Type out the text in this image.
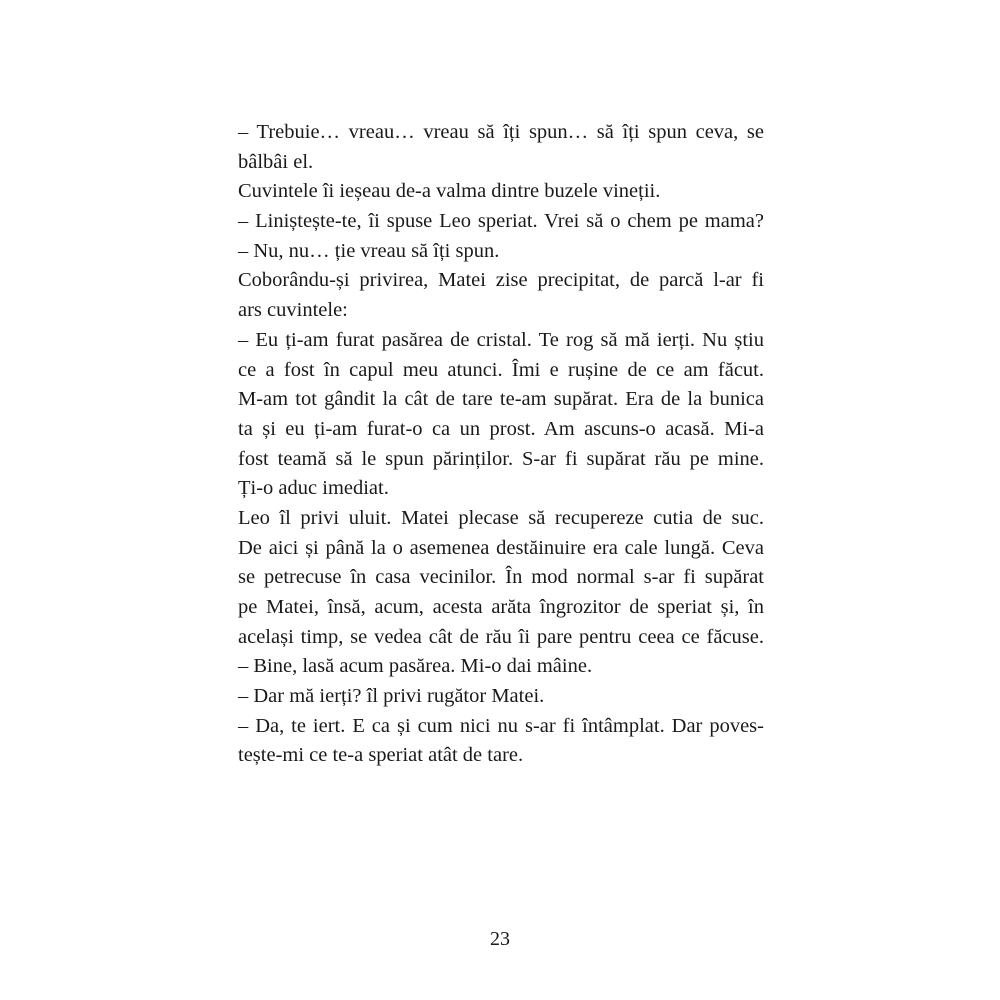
– Trebuie… vreau… vreau să îți spun… să îți spun ceva, se
bâlbâi el.
Cuvintele îi ieșeau de-a valma dintre buzele vineții.
– Liniștește-te, îi spuse Leo speriat. Vrei să o chem pe mama?
– Nu, nu… ție vreau să îți spun.
Coborându-și privirea, Matei zise precipitat, de parcă l-ar fi
ars cuvintele:
– Eu ți-am furat pasărea de cristal. Te rog să mă ierți. Nu știu
ce a fost în capul meu atunci. Îmi e rușine de ce am făcut.
M-am tot gândit la cât de tare te-am supărat. Era de la bunica
ta și eu ți-am furat-o ca un prost. Am ascuns-o acasă. Mi-a
fost teamă să le spun părinților. S-ar fi supărat rău pe mine.
Ți-o aduc imediat.
Leo îl privi uluit. Matei plecase să recupereze cutia de suc.
De aici și până la o asemenea destăinuire era cale lungă. Ceva
se petrecuse în casa vecinilor. În mod normal s-ar fi supărat
pe Matei, însă, acum, acesta arăta îngrozitor de speriat și, în
același timp, se vedea cât de rău îi pare pentru ceea ce făcuse.
– Bine, lasă acum pasărea. Mi-o dai mâine.
– Dar mă ierți? îl privi rugător Matei.
– Da, te iert. E ca și cum nici nu s-ar fi întâmplat. Dar poves-
tește-mi ce te-a speriat atât de tare.
23
